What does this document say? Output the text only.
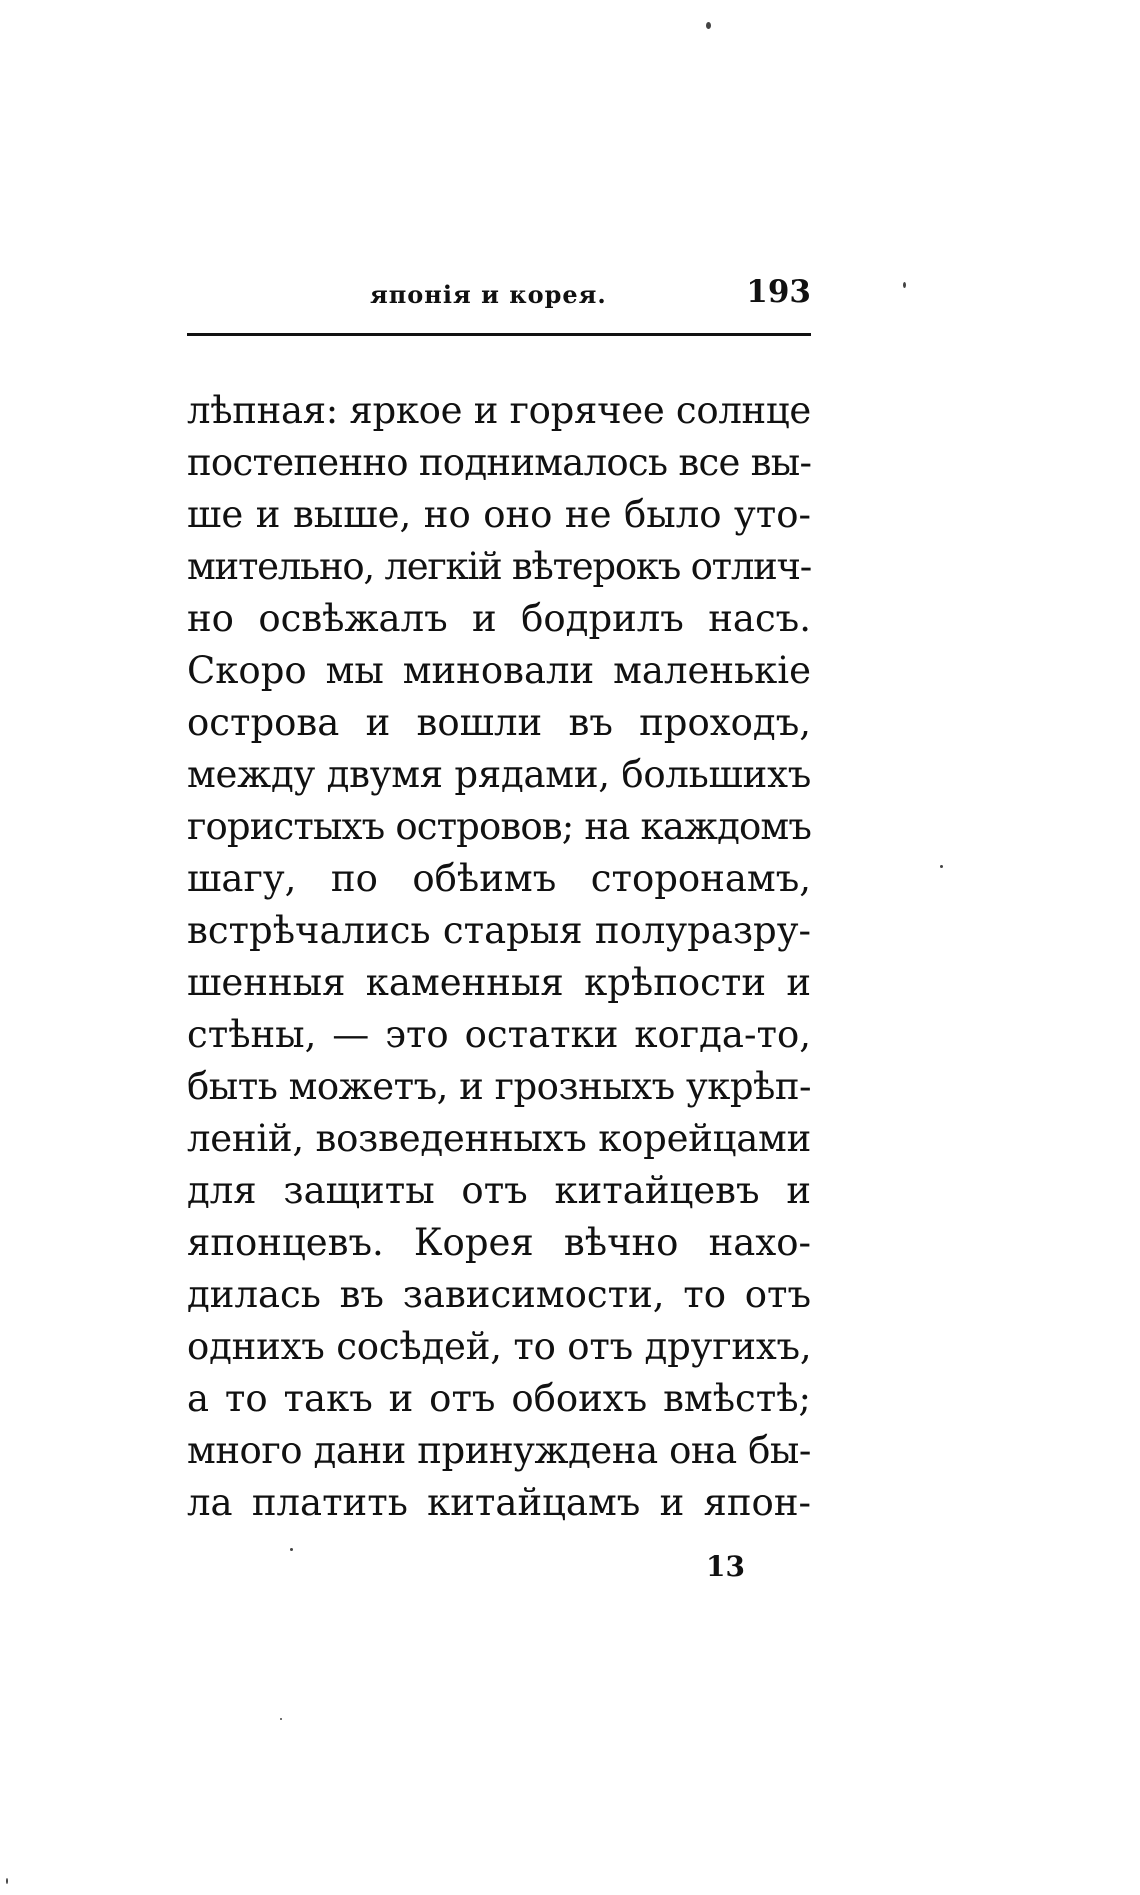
японія и корея.	193
лѣпная: яркое и горячее солнце
постепенно поднималось все вы-
ше и выше, но оно не было уто-
мительно, легкій вѣтерокъ отлич-
но освѣжалъ и бодрилъ насъ.
Скоро мы миновали маленькіе
острова и вошли въ проходъ,
между двумя рядами, большихъ
гористыхъ островов; на каждомъ
шагу, по обѣимъ сторонамъ,
встрѣчались старыя полуразру-
шенныя каменныя крѣпости и
стѣны, — это остатки когда-то,
быть можетъ, и грозныхъ укрѣп-
леній, возведенныхъ корейцами
для защиты отъ китайцевъ и
японцевъ. Корея вѣчно нахо-
дилась въ зависимости, то отъ
однихъ сосѣдей, то отъ другихъ,
а то такъ и отъ обоихъ вмѣстѣ;
много дани принуждена она бы-
ла платить китайцамъ и япон-
13
